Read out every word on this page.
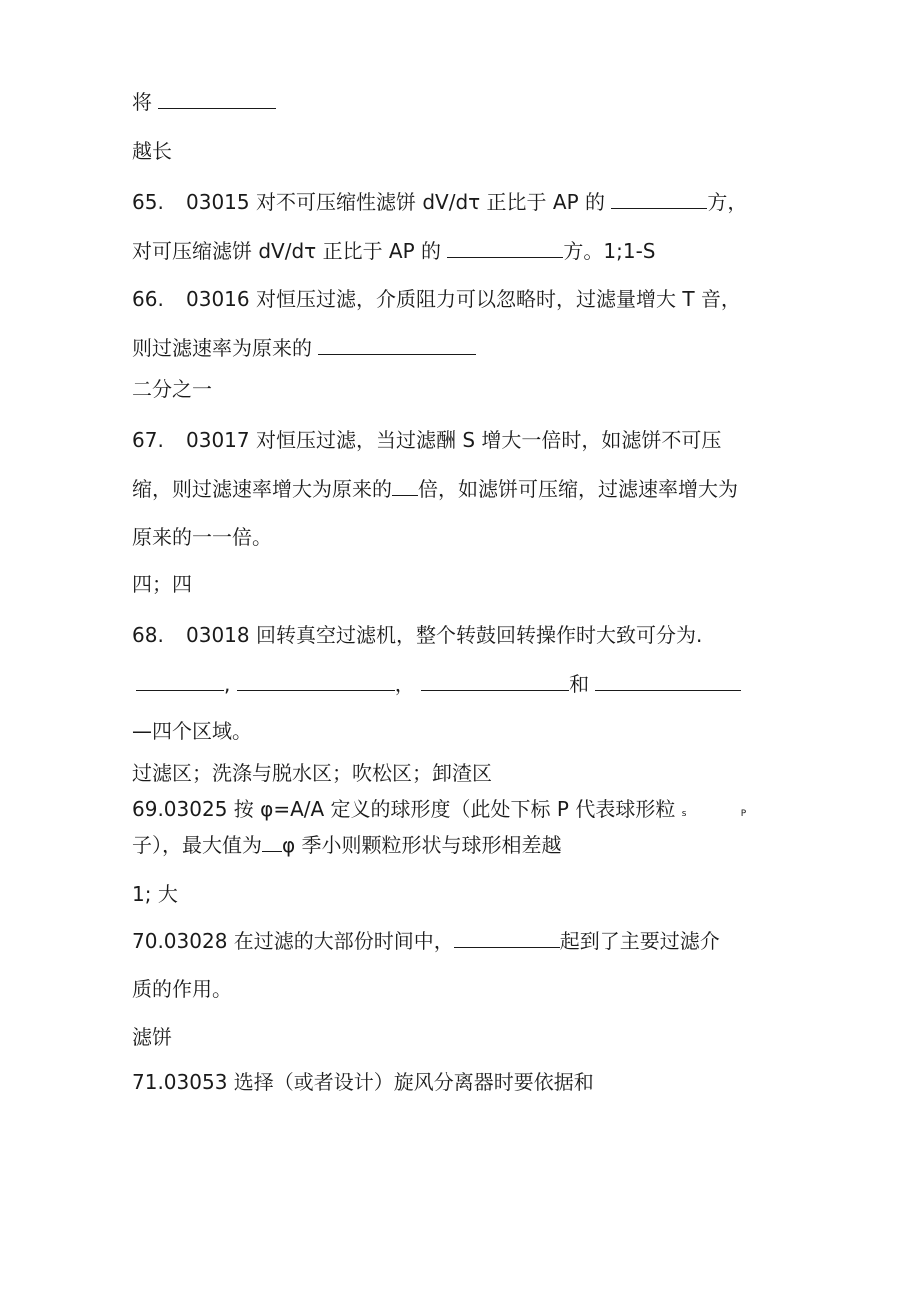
将
越长
65. 03015 对不可压缩性滤饼 dV/dτ 正比于 AP 的	方，
对可压缩滤饼 dV/dτ 正比于 AP 的	方。1;1-S
66. 03016 对恒压过滤，介质阻力可以忽略时，过滤量增大 T 音，
则过滤速率为原来的
二分之一
67. 03017 对恒压过滤，当过滤酬 S 增大一倍时，如滤饼不可压
缩，则过滤速率增大为原来的 倍，如滤饼可压缩，过滤速率增大为
原来的一一倍。
四；四
68. 03018 回转真空过滤机，整个转鼓回转操作时大致可分为.
,	，	和
—四个区域。
过滤区；洗涤与脱水区；吹松区；卸渣区
69.03025 按 φ=A/A 定义的球形度（此处下标 P 代表球形粒 s	P
子），最大值为 φ 季小则颗粒形状与球形相差越
1; 大
70.03028 在过滤的大部份时间中，	起到了主要过滤介
质的作用。
滤饼
71.03053 选择（或者设计）旋风分离器时要依据和
